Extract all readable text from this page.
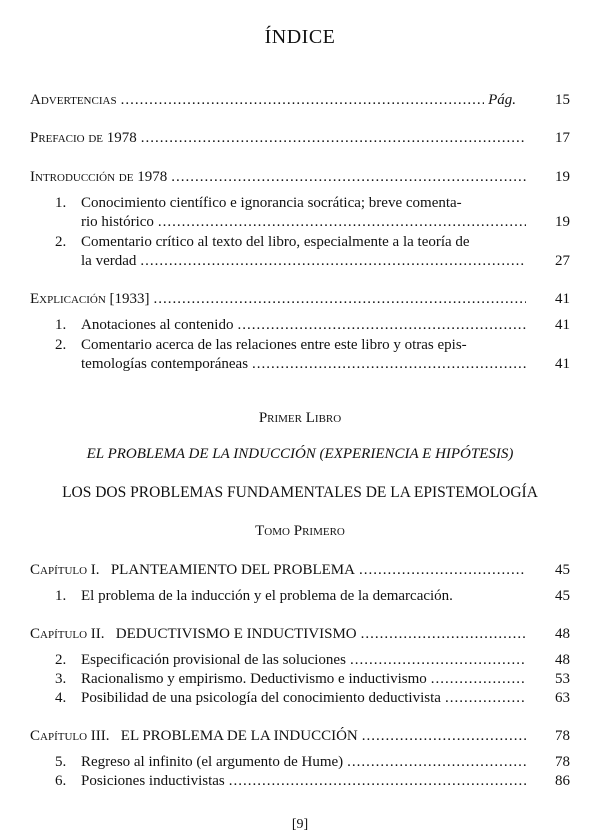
ÍNDICE
Advertencias .....	Pág.	15
Prefacio de 1978 .....	17
Introducción de 1978 .....	19
1. Conocimiento científico e ignorancia socrática; breve comenta-
rio histórico .....	19
2. Comentario crítico al texto del libro, especialmente a la teoría de
la verdad .....	27
Explicación [1933] .....	41
1. Anotaciones al contenido .....	41
2. Comentario acerca de las relaciones entre este libro y otras epis-
temologías contemporáneas .....	41
Primer Libro
EL PROBLEMA DE LA INDUCCIÓN (EXPERIENCIA E HIPÓTESIS)
LOS DOS PROBLEMAS FUNDAMENTALES DE LA EPISTEMOLOGÍA
Tomo Primero
Capítulo I. PLANTEAMIENTO DEL PROBLEMA .....	45
1. El problema de la inducción y el problema de la demarcación.	45
Capítulo II. DEDUCTIVISMO E INDUCTIVISMO .....	48
2. Especificación provisional de las soluciones .....	48
3. Racionalismo y empirismo. Deductivismo e inductivismo .....	53
4. Posibilidad de una psicología del conocimiento deductivista .....	63
Capítulo III. EL PROBLEMA DE LA INDUCCIÓN .....	78
5. Regreso al infinito (el argumento de Hume) .....	78
6. Posiciones inductivistas .....	86
[9]
